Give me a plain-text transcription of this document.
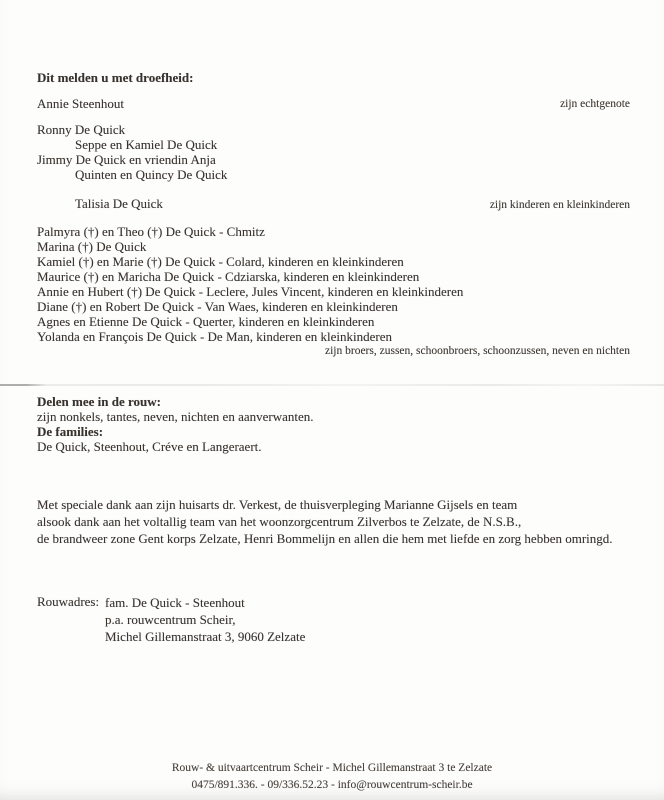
Dit melden u met droefheid:
Annie Steenhout	zijn echtgenote
Ronny De Quick
Seppe en Kamiel De Quick
Jimmy De Quick en vriendin Anja
Quinten en Quincy De Quick
Talisia De Quick	zijn kinderen en kleinkinderen
Palmyra (†) en Theo (†) De Quick - Chmitz
Marina (†) De Quick
Kamiel (†) en Marie (†) De Quick - Colard, kinderen en kleinkinderen
Maurice (†) en Maricha De Quick - Cdziarska, kinderen en kleinkinderen
Annie en Hubert (†) De Quick - Leclere, Jules Vincent, kinderen en kleinkinderen
Diane (†) en Robert De Quick - Van Waes, kinderen en kleinkinderen
Agnes en Etienne De Quick - Querter, kinderen en kleinkinderen
Yolanda en François De Quick - De Man, kinderen en kleinkinderen
zijn broers, zussen, schoonbroers, schoonzussen, neven en nichten
Delen mee in de rouw:
zijn nonkels, tantes, neven, nichten en aanverwanten.
De families:
De Quick, Steenhout, Créve en Langeraert.
Met speciale dank aan zijn huisarts dr. Verkest, de thuisverpleging Marianne Gijsels en team
alsook dank aan het voltallig team van het woonzorgcentrum Zilverbos te Zelzate, de N.S.B.,
de brandweer zone Gent korps Zelzate, Henri Bommelijn en allen die hem met liefde en zorg hebben omringd.
Rouwadres: fam. De Quick - Steenhout
p.a. rouwcentrum Scheir,
Michel Gillemanstraat 3, 9060 Zelzate
Rouw- & uitvaartcentrum Scheir - Michel Gillemanstraat 3 te Zelzate
0475/891.336. - 09/336.52.23 - info@rouwcentrum-scheir.be
